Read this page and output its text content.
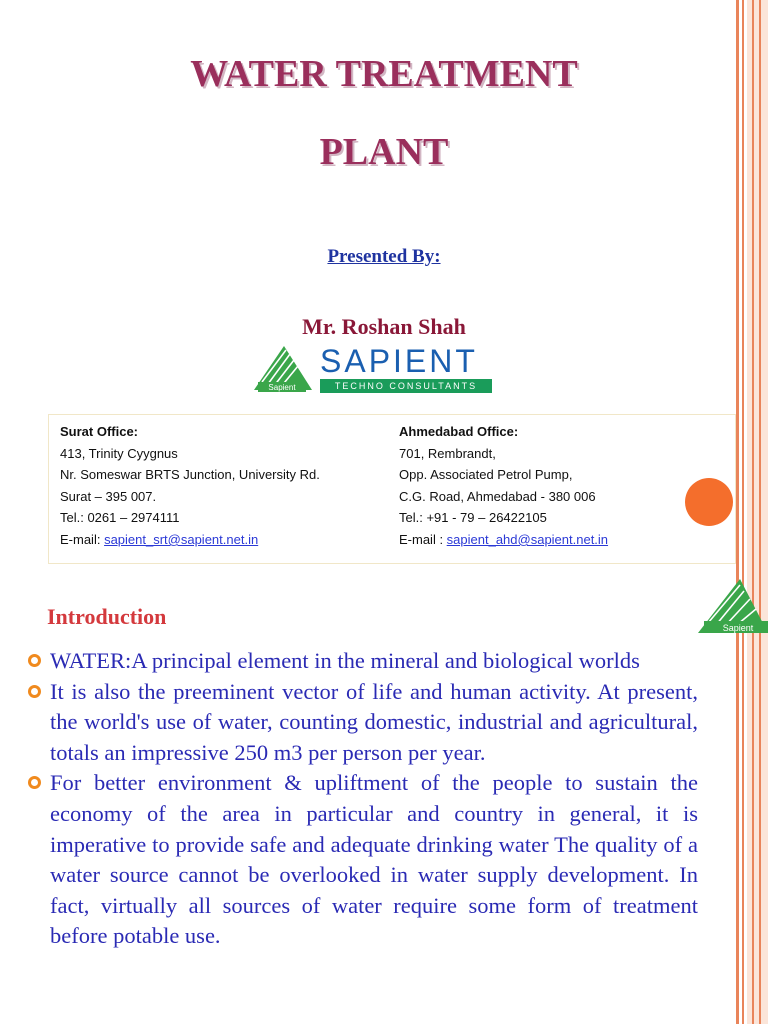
WATER TREATMENT
PLANT
Presented By:
Mr. Roshan Shah
Sapient
SAPIENT
TECHNO CONSULTANTS
Surat Office:
413, Trinity Cyygnus
Nr. Someswar BRTS Junction, University Rd.
Surat – 395 007.
Tel.: 0261 – 2974111
E-mail: sapient_srt@sapient.net.in
Ahmedabad Office:
701, Rembrandt,
Opp. Associated Petrol Pump,
C.G. Road, Ahmedabad - 380 006
Tel.: +91 - 79 – 26422105
E-mail : sapient_ahd@sapient.net.in
Sapient
Introduction
WATER:A principal element in the mineral and biological worlds
It is also the preeminent vector of life and human activity. At present, the world's use of water, counting domestic, industrial and agricultural, totals an impressive 250 m3 per person per year.
For better environment & upliftment of the people to sustain the economy of the area in particular and country in general, it is imperative to provide safe and adequate drinking water The quality of a water source cannot be overlooked in water supply development. In fact, virtually all sources of water require some form of treatment before potable use.
